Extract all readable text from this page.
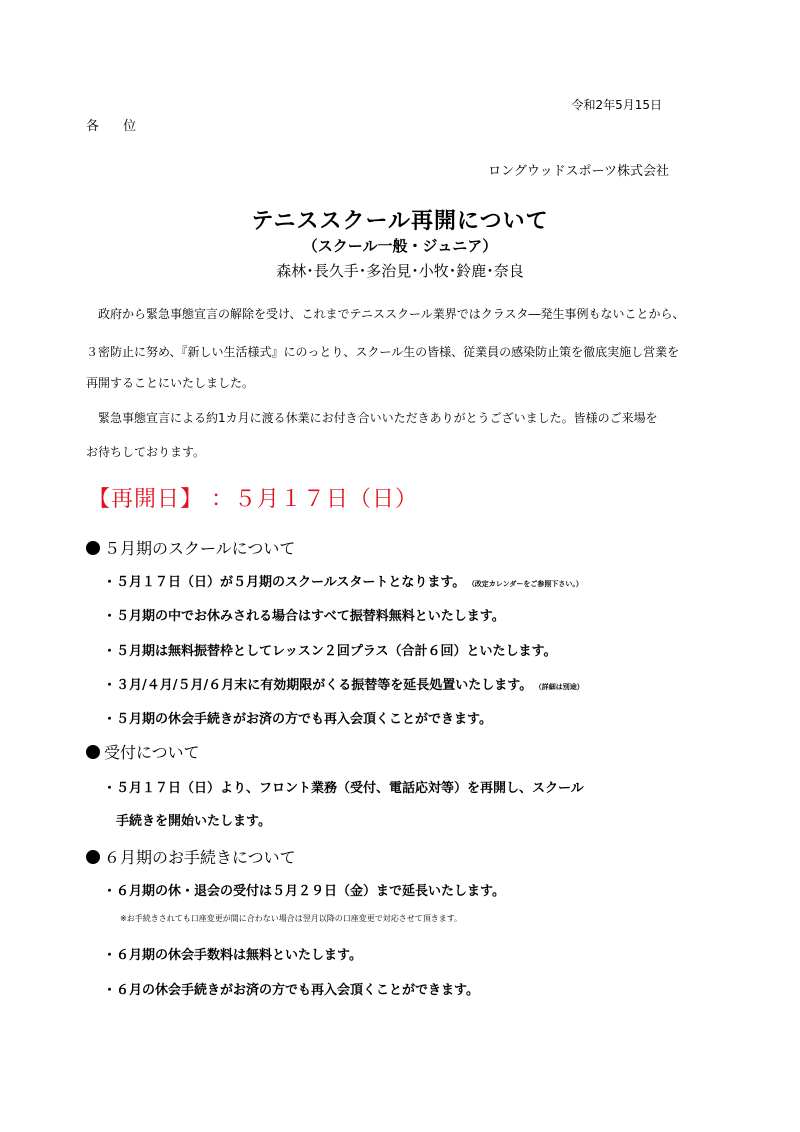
令和2年5月15日
各 位
ロングウッドスポーツ株式会社
テニススクール再開について
（スクール一般・ジュニア）
森林･長久手･多治見･小牧･鈴鹿･奈良
　政府から緊急事態宣言の解除を受け、これまでテニススクール業界ではクラスタ―発生事例もないことから、
３密防止に努め、『新しい生活様式』にのっとり、スクール生の皆様、従業員の感染防止策を徹底実施し営業を
再開することにいたしました。
　緊急事態宣言による約1カ月に渡る休業にお付き合いいただきありがとうございました。皆様のご来場を
お待ちしております。
【再開日】 ：５月１７日（日）
５月期のスクールについて
・５月１７日（日）が５月期のスクールスタートとなります。 （改定カレンダーをご参照下さい。）
・５月期の中でお休みされる場合はすべて振替料無料といたします。
・５月期は無料振替枠としてレッスン２回プラス（合計６回）といたします。
・３月/４月/５月/６月末に有効期限がくる振替等を延長処置いたします。 （詳細は別途）
・５月期の休会手続きがお済の方でも再入会頂くことができます。
受付について
・５月１７日（日）より、フロント業務（受付、電話応対等）を再開し、スクール
　手続きを開始いたします。
６月期のお手続きについて
・６月期の休・退会の受付は５月２９日（金）まで延長いたします。
※お手続きされても口座変更が間に合わない場合は翌月以降の口座変更で対応させて頂きます。
・６月期の休会手数料は無料といたします。
・６月の休会手続きがお済の方でも再入会頂くことができます。
